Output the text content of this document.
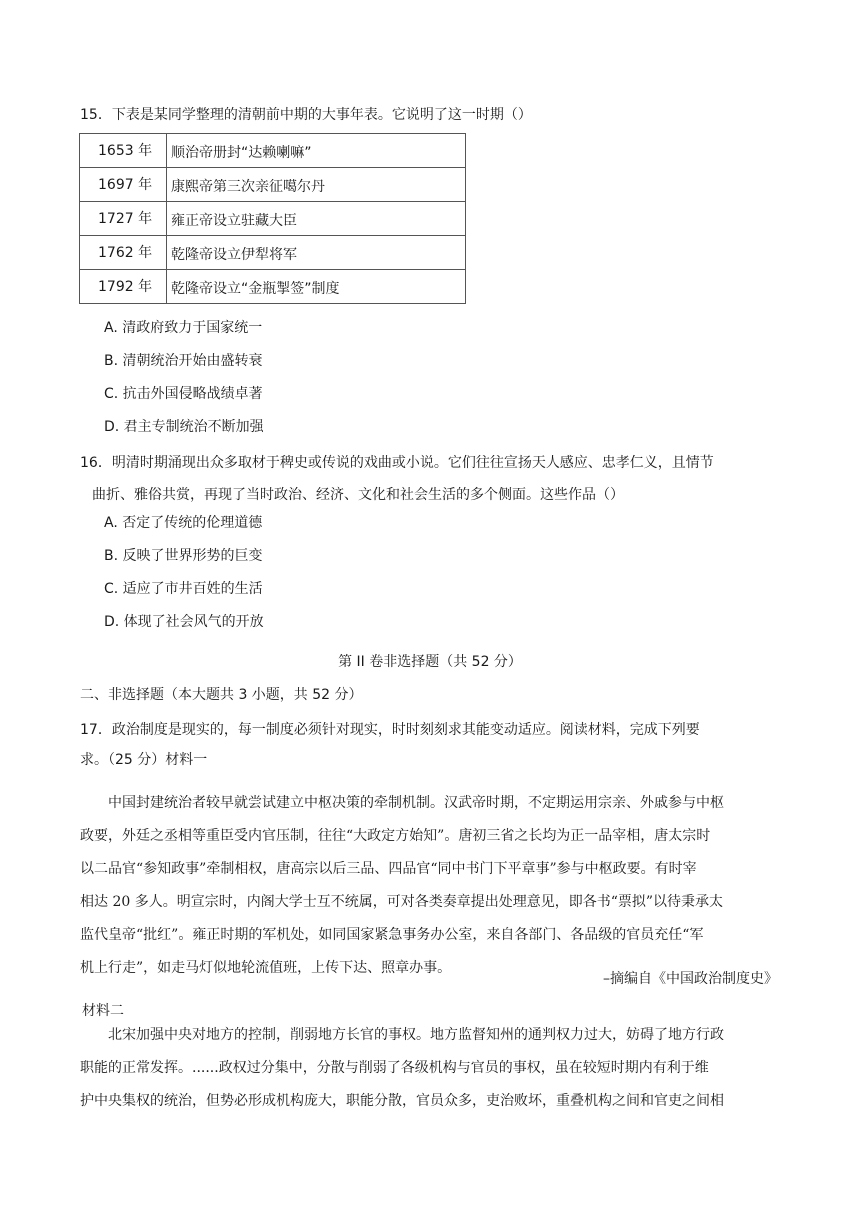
15．下表是某同学整理的清朝前中期的大事年表。它说明了这一时期（）
1653 年	顺治帝册封“达赖喇嘛”
1697 年	康熙帝第三次亲征噶尔丹
1727 年	雍正帝设立驻藏大臣
1762 年	乾隆帝设立伊犁将军
1792 年	乾隆帝设立“金瓶掣签”制度
A. 清政府致力于国家统一
B. 清朝统治开始由盛转衰
C. 抗击外国侵略战绩卓著
D. 君主专制统治不断加强
16．明清时期涌现出众多取材于稗史或传说的戏曲或小说。它们往往宣扬天人感应、忠孝仁义，且情节
曲折、雅俗共赏，再现了当时政治、经济、文化和社会生活的多个侧面。这些作品（）
A. 否定了传统的伦理道德
B. 反映了世界形势的巨变
C. 适应了市井百姓的生活
D. 体现了社会风气的开放
第 II 卷非选择题（共 52 分）
二、非选择题（本大题共 3 小题，共 52 分）
17．政治制度是现实的，每一制度必须针对现实，时时刻刻求其能变动适应。阅读材料，完成下列要
求。（25 分）材料一

中国封建统治者较早就尝试建立中枢决策的牵制机制。汉武帝时期，不定期运用宗亲、外戚参与中枢

政要，外廷之丞相等重臣受内官压制，往往“大政定方始知”。唐初三省之长均为正一品宰相，唐太宗时

以二品官“参知政事”牵制相权，唐高宗以后三品、四品官“同中书门下平章事”参与中枢政要。有时宰

相达 20 多人。明宣宗时，内阁大学士互不统属，可对各类奏章提出处理意见，即各书“票拟”以待秉承太

监代皇帝“批红”。雍正时期的军机处，如同国家紧急事务办公室，来自各部门、各品级的官员充任“军

机上行走”，如走马灯似地轮流值班，上传下达、照章办事。

–摘编自《中国政治制度史》
材料二

北宋加强中央对地方的控制，削弱地方长官的事权。地方监督知州的通判权力过大，妨碍了地方行政

职能的正常发挥。......政权过分集中，分散与削弱了各级机构与官员的事权，虽在较短时期内有利于维

护中央集权的统治，但势必形成机构庞大，职能分散，官员众多，吏治败坏，重叠机构之间和官吏之间相
